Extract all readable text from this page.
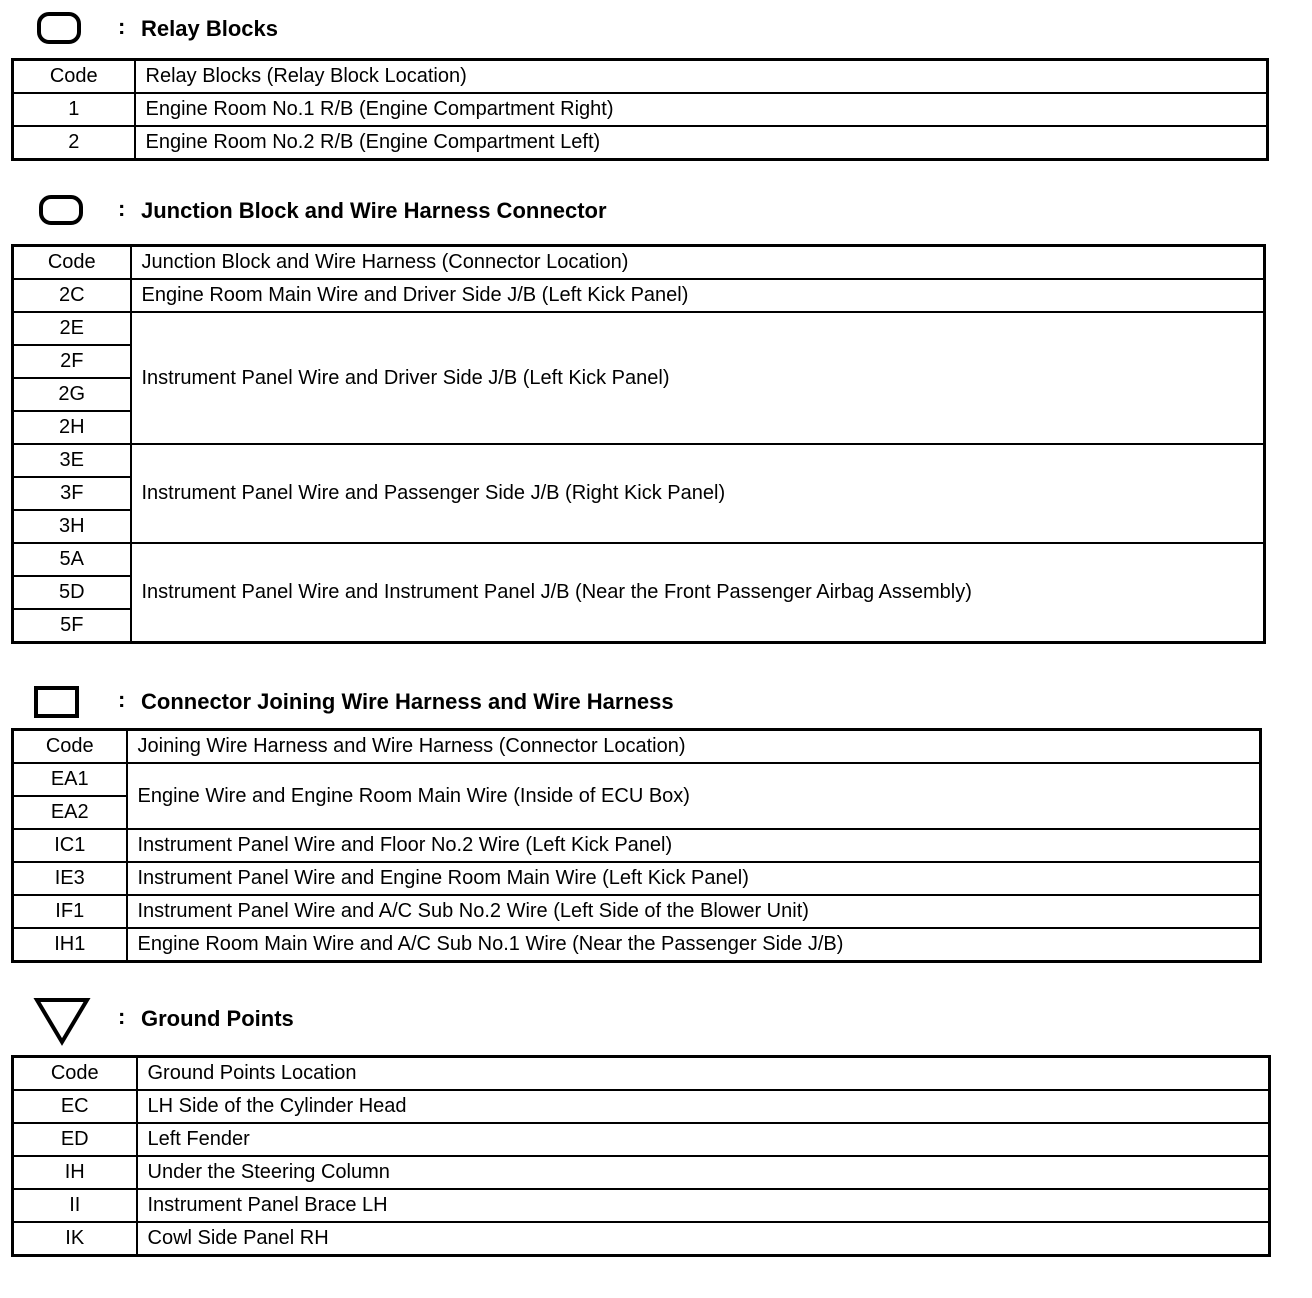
: Relay Blocks
Code	Relay Blocks (Relay Block Location)
1	Engine Room No.1 R/B (Engine Compartment Right)
2	Engine Room No.2 R/B (Engine Compartment Left)
: Junction Block and Wire Harness Connector
Code	Junction Block and Wire Harness (Connector Location)
2C	Engine Room Main Wire and Driver Side J/B (Left Kick Panel)
2E	Instrument Panel Wire and Driver Side J/B (Left Kick Panel)
2F	
2G	
2H	
3E	Instrument Panel Wire and Passenger Side J/B (Right Kick Panel)
3F	
3H	
5A	Instrument Panel Wire and Instrument Panel J/B (Near the Front Passenger Airbag Assembly)
5D	
5F	
: Connector Joining Wire Harness and Wire Harness
Code	Joining Wire Harness and Wire Harness (Connector Location)
EA1	Engine Wire and Engine Room Main Wire (Inside of ECU Box)
EA2	
IC1	Instrument Panel Wire and Floor No.2 Wire (Left Kick Panel)
IE3	Instrument Panel Wire and Engine Room Main Wire (Left Kick Panel)
IF1	Instrument Panel Wire and A/C Sub No.2 Wire (Left Side of the Blower Unit)
IH1	Engine Room Main Wire and A/C Sub No.1 Wire (Near the Passenger Side J/B)
: Ground Points
Code	Ground Points Location
EC	LH Side of the Cylinder Head
ED	Left Fender
IH	Under the Steering Column
II	Instrument Panel Brace LH
IK	Cowl Side Panel RH
